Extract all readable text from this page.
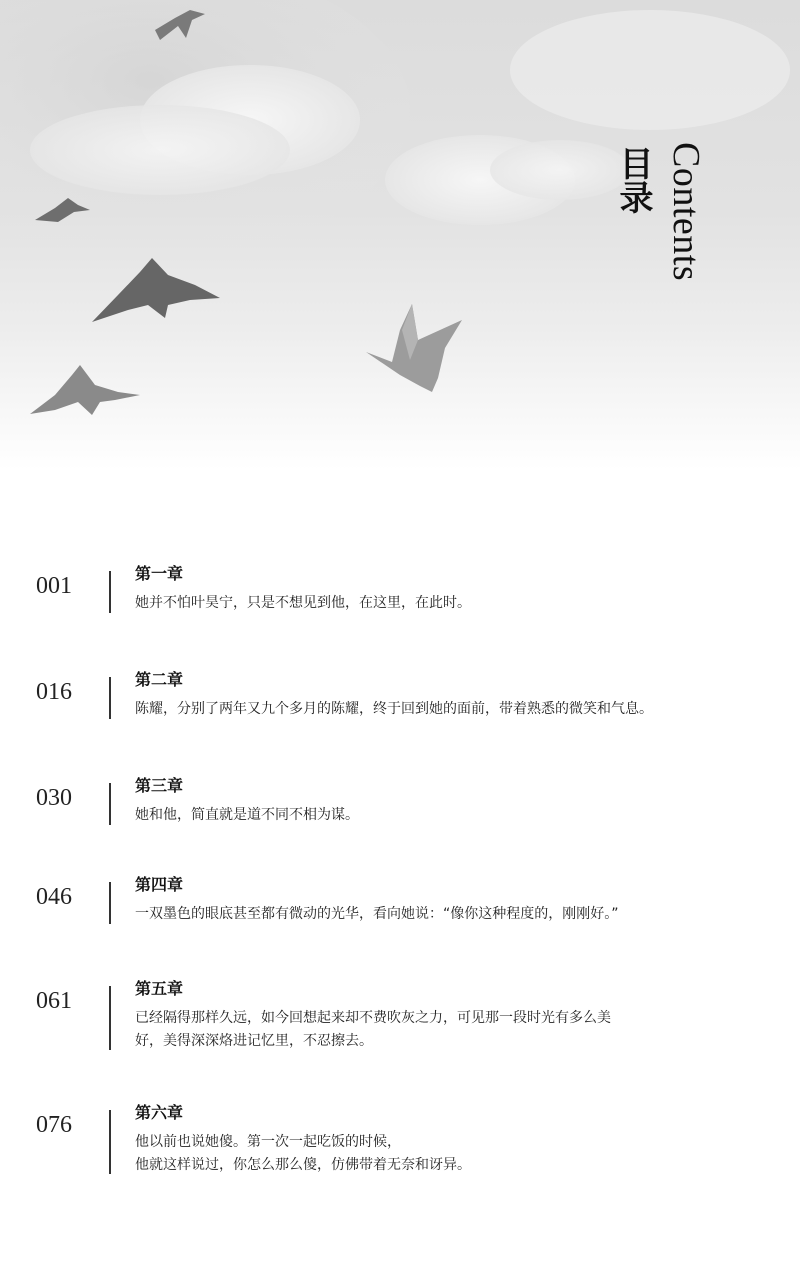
目录 Contents
001	第一章
她并不怕叶昊宁，只是不想见到他，在这里，在此时。
016	第二章
陈耀，分别了两年又九个多月的陈耀，终于回到她的面前，带着熟悉的微笑和气息。
030	第三章
她和他，简直就是道不同不相为谋。
046	第四章
一双墨色的眼底甚至都有微动的光华，看向她说：“像你这种程度的，刚刚好。”
061	第五章
已经隔得那样久远，如今回想起来却不费吹灰之力，可见那一段时光有多么美
好，美得深深烙进记忆里，不忍擦去。
076	第六章
他以前也说她傻。第一次一起吃饭的时候，
他就这样说过，你怎么那么傻，仿佛带着无奈和讶异。
